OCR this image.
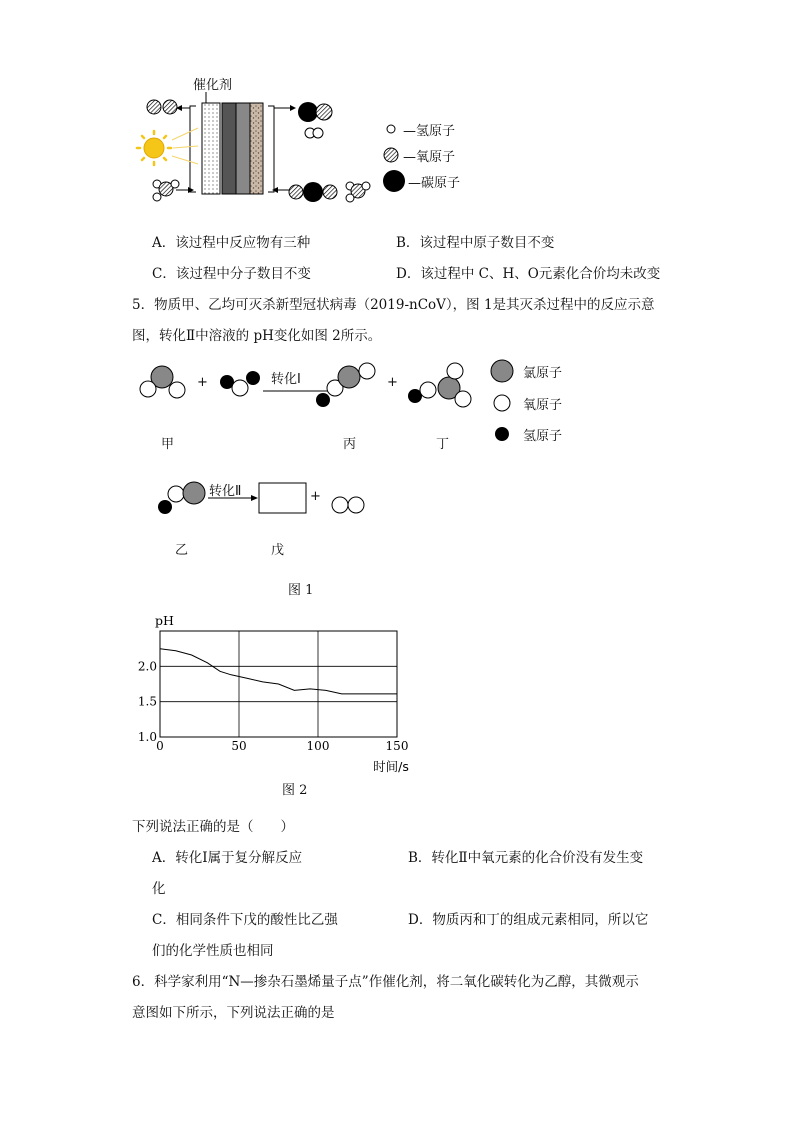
催化剂
—氢原子
—氧原子
—碳原子
A．该过程中反应物有三种	B．该过程中原子数目不变
C．该过程中分子数目不变	D．该过程中 C、H、O元素化合价均未改变
5．物质甲、乙均可灭杀新型冠状病毒（2019-nCoV），图 1是其灭杀过程中的反应示意
图，转化Ⅱ中溶液的 pH变化如图 2所示。
+	转化Ⅰ	+
氯原子
氧原子
氢原子
甲	丙	丁
转化Ⅱ	+
乙	戊
图 1
0	50	100	150
1.0
1.5
2.0
pH
时间/s
图 2
下列说法正确的是（　　）
A．转化Ⅰ属于复分解反应	B．转化Ⅱ中氧元素的化合价没有发生变
化
C．相同条件下戊的酸性比乙强	D．物质丙和丁的组成元素相同，所以它
们的化学性质也相同
6．科学家利用“N—掺杂石墨烯量子点”作催化剂，将二氧化碳转化为乙醇，其微观示
意图如下所示，下列说法正确的是
